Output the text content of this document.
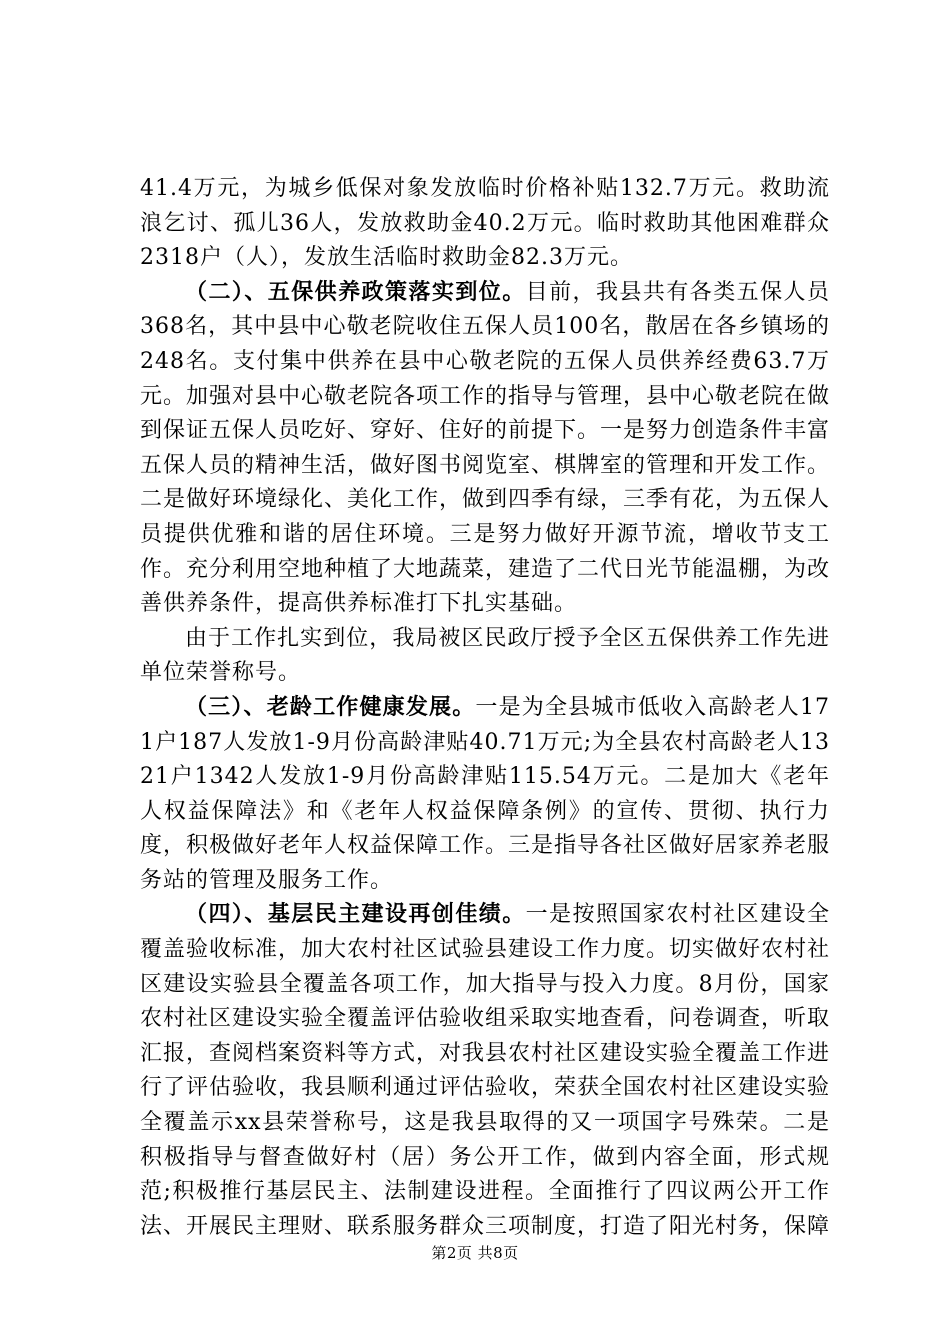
41.4万元，为城乡低保对象发放临时价格补贴132.7万元。救助流浪乞讨、孤儿36人，发放救助金40.2万元。临时救助其他困难群众2318户（人），发放生活临时救助金82.3万元。

（二）、五保供养政策落实到位。目前，我县共有各类五保人员368名，其中县中心敬老院收住五保人员100名，散居在各乡镇场的248名。支付集中供养在县中心敬老院的五保人员供养经费63.7万元。加强对县中心敬老院各项工作的指导与管理，县中心敬老院在做到保证五保人员吃好、穿好、住好的前提下。一是努力创造条件丰富五保人员的精神生活，做好图书阅览室、棋牌室的管理和开发工作。二是做好环境绿化、美化工作，做到四季有绿，三季有花，为五保人员提供优雅和谐的居住环境。三是努力做好开源节流，增收节支工作。充分利用空地种植了大地蔬菜，建造了二代日光节能温棚，为改善供养条件，提高供养标准打下扎实基础。

由于工作扎实到位，我局被区民政厅授予全区五保供养工作先进单位荣誉称号。

（三）、老龄工作健康发展。一是为全县城市低收入高龄老人171户187人发放1-9月份高龄津贴40.71万元;为全县农村高龄老人1321户1342人发放1-9月份高龄津贴115.54万元。二是加大《老年人权益保障法》和《老年人权益保障条例》的宣传、贯彻、执行力度，积极做好老年人权益保障工作。三是指导各社区做好居家养老服务站的管理及服务工作。

（四）、基层民主建设再创佳绩。一是按照国家农村社区建设全覆盖验收标准，加大农村社区试验县建设工作力度。切实做好农村社区建设实验县全覆盖各项工作，加大指导与投入力度。8月份，国家农村社区建设实验全覆盖评估验收组采取实地查看，问卷调查，听取汇报，查阅档案资料等方式，对我县农村社区建设实验全覆盖工作进行了评估验收，我县顺利通过评估验收，荣获全国农村社区建设实验全覆盖示xx县荣誉称号，这是我县取得的又一项国字号殊荣。二是积极指导与督查做好村（居）务公开工作，做到内容全面，形式规范;积极推行基层民主、法制建设进程。全面推行了四议两公开工作法、开展民主理财、联系服务群众三项制度，打造了阳光村务，保障

第2页 共8页
